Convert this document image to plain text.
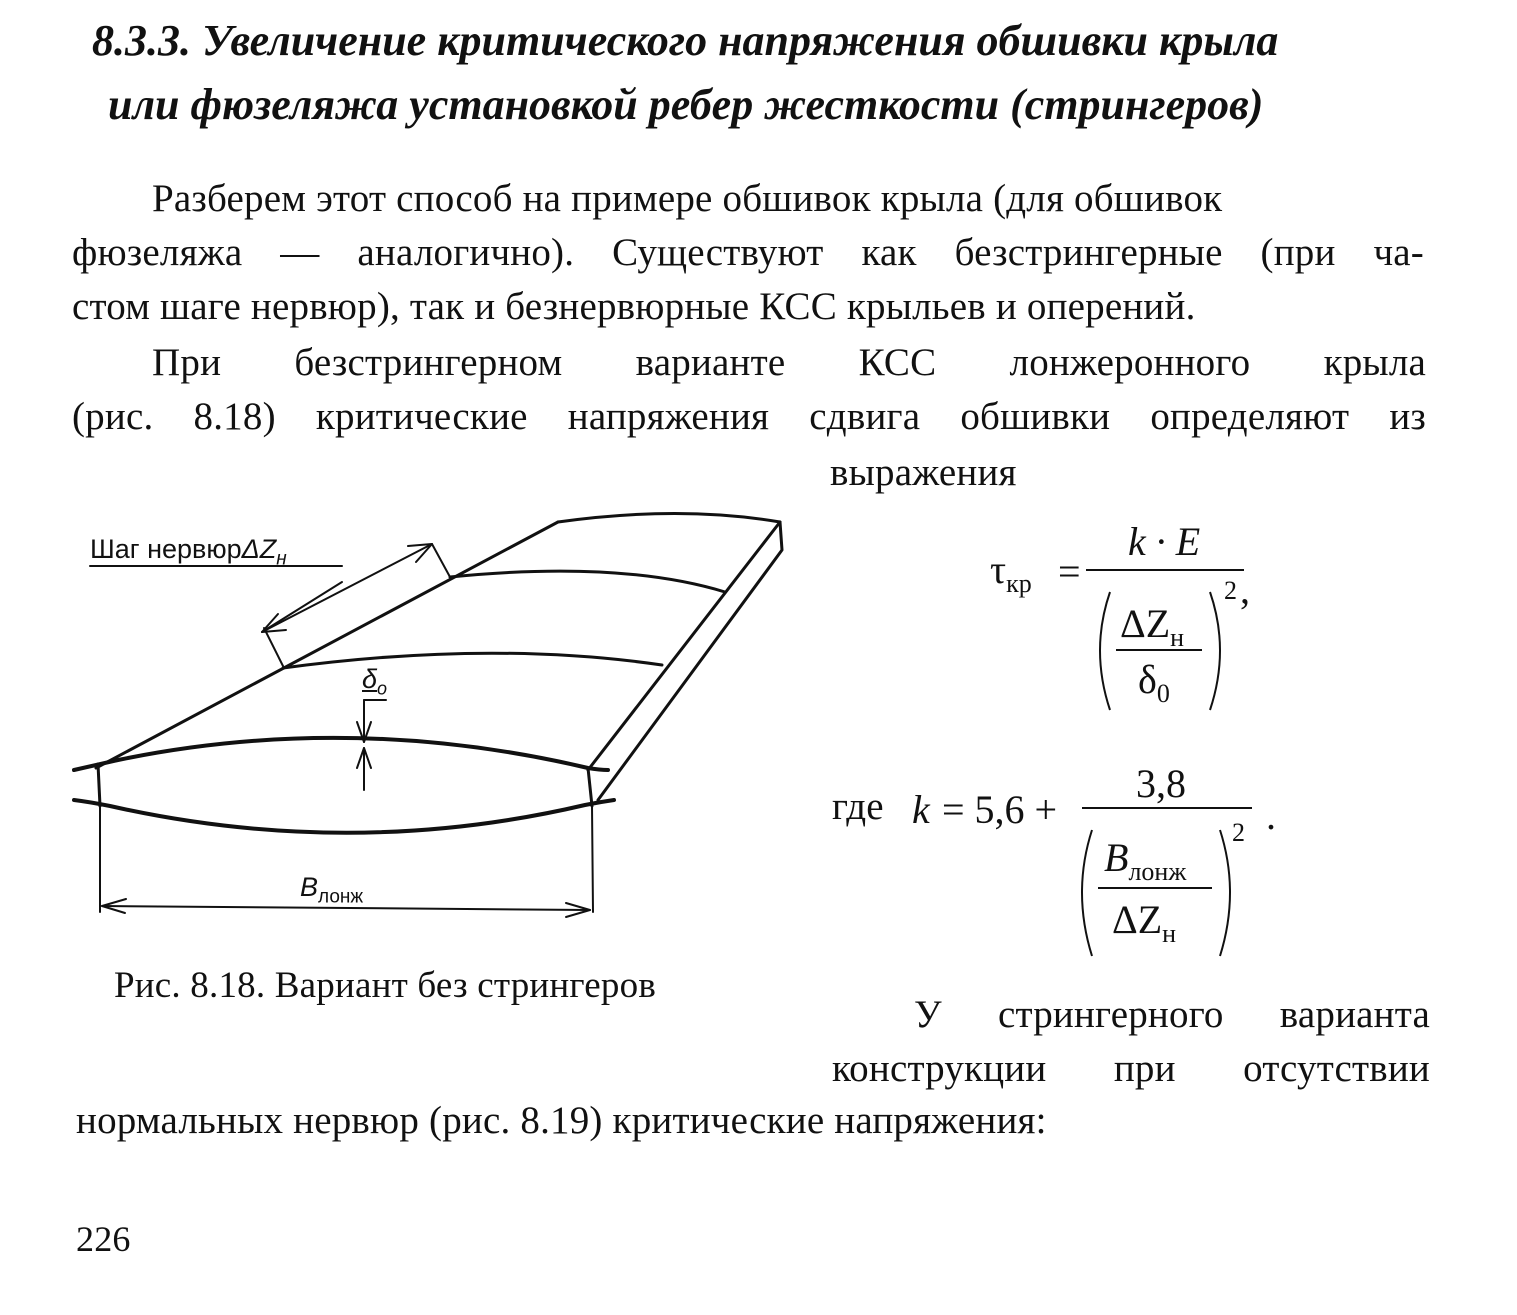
8.3.3. Увеличение критического напряжения обшивки крыла
или фюзеляжа установкой ребер жесткости (стрингеров)
Разберем этот способ на примере обшивок крыла (для обшивок
фюзеляжа — аналогично). Существуют как безстрингерные (при ча-
стом шаге нервюр), так и безнервюрные КСС крыльев и оперений.
При безстрингерном варианте КСС лонжеронного крыла
(рис. 8.18) критические напряжения сдвига обшивки определяют из
выражения
Шаг нервюрΔZ$_н$
$\delta_о$
$B_{лонж}$
Рис. 8.18. Вариант без стрингеров
$\tau_{кр}$ =
k · E
$\Delta Z_н$
$\delta_0$
2 ,
где k = 5,6 +
3,8
$B_{лонж}$
$\Delta Z_н$
2 .
У стрингерного варианта
конструкции при отсутствии
нормальных нервюр (рис. 8.19) критические напряжения:
226
